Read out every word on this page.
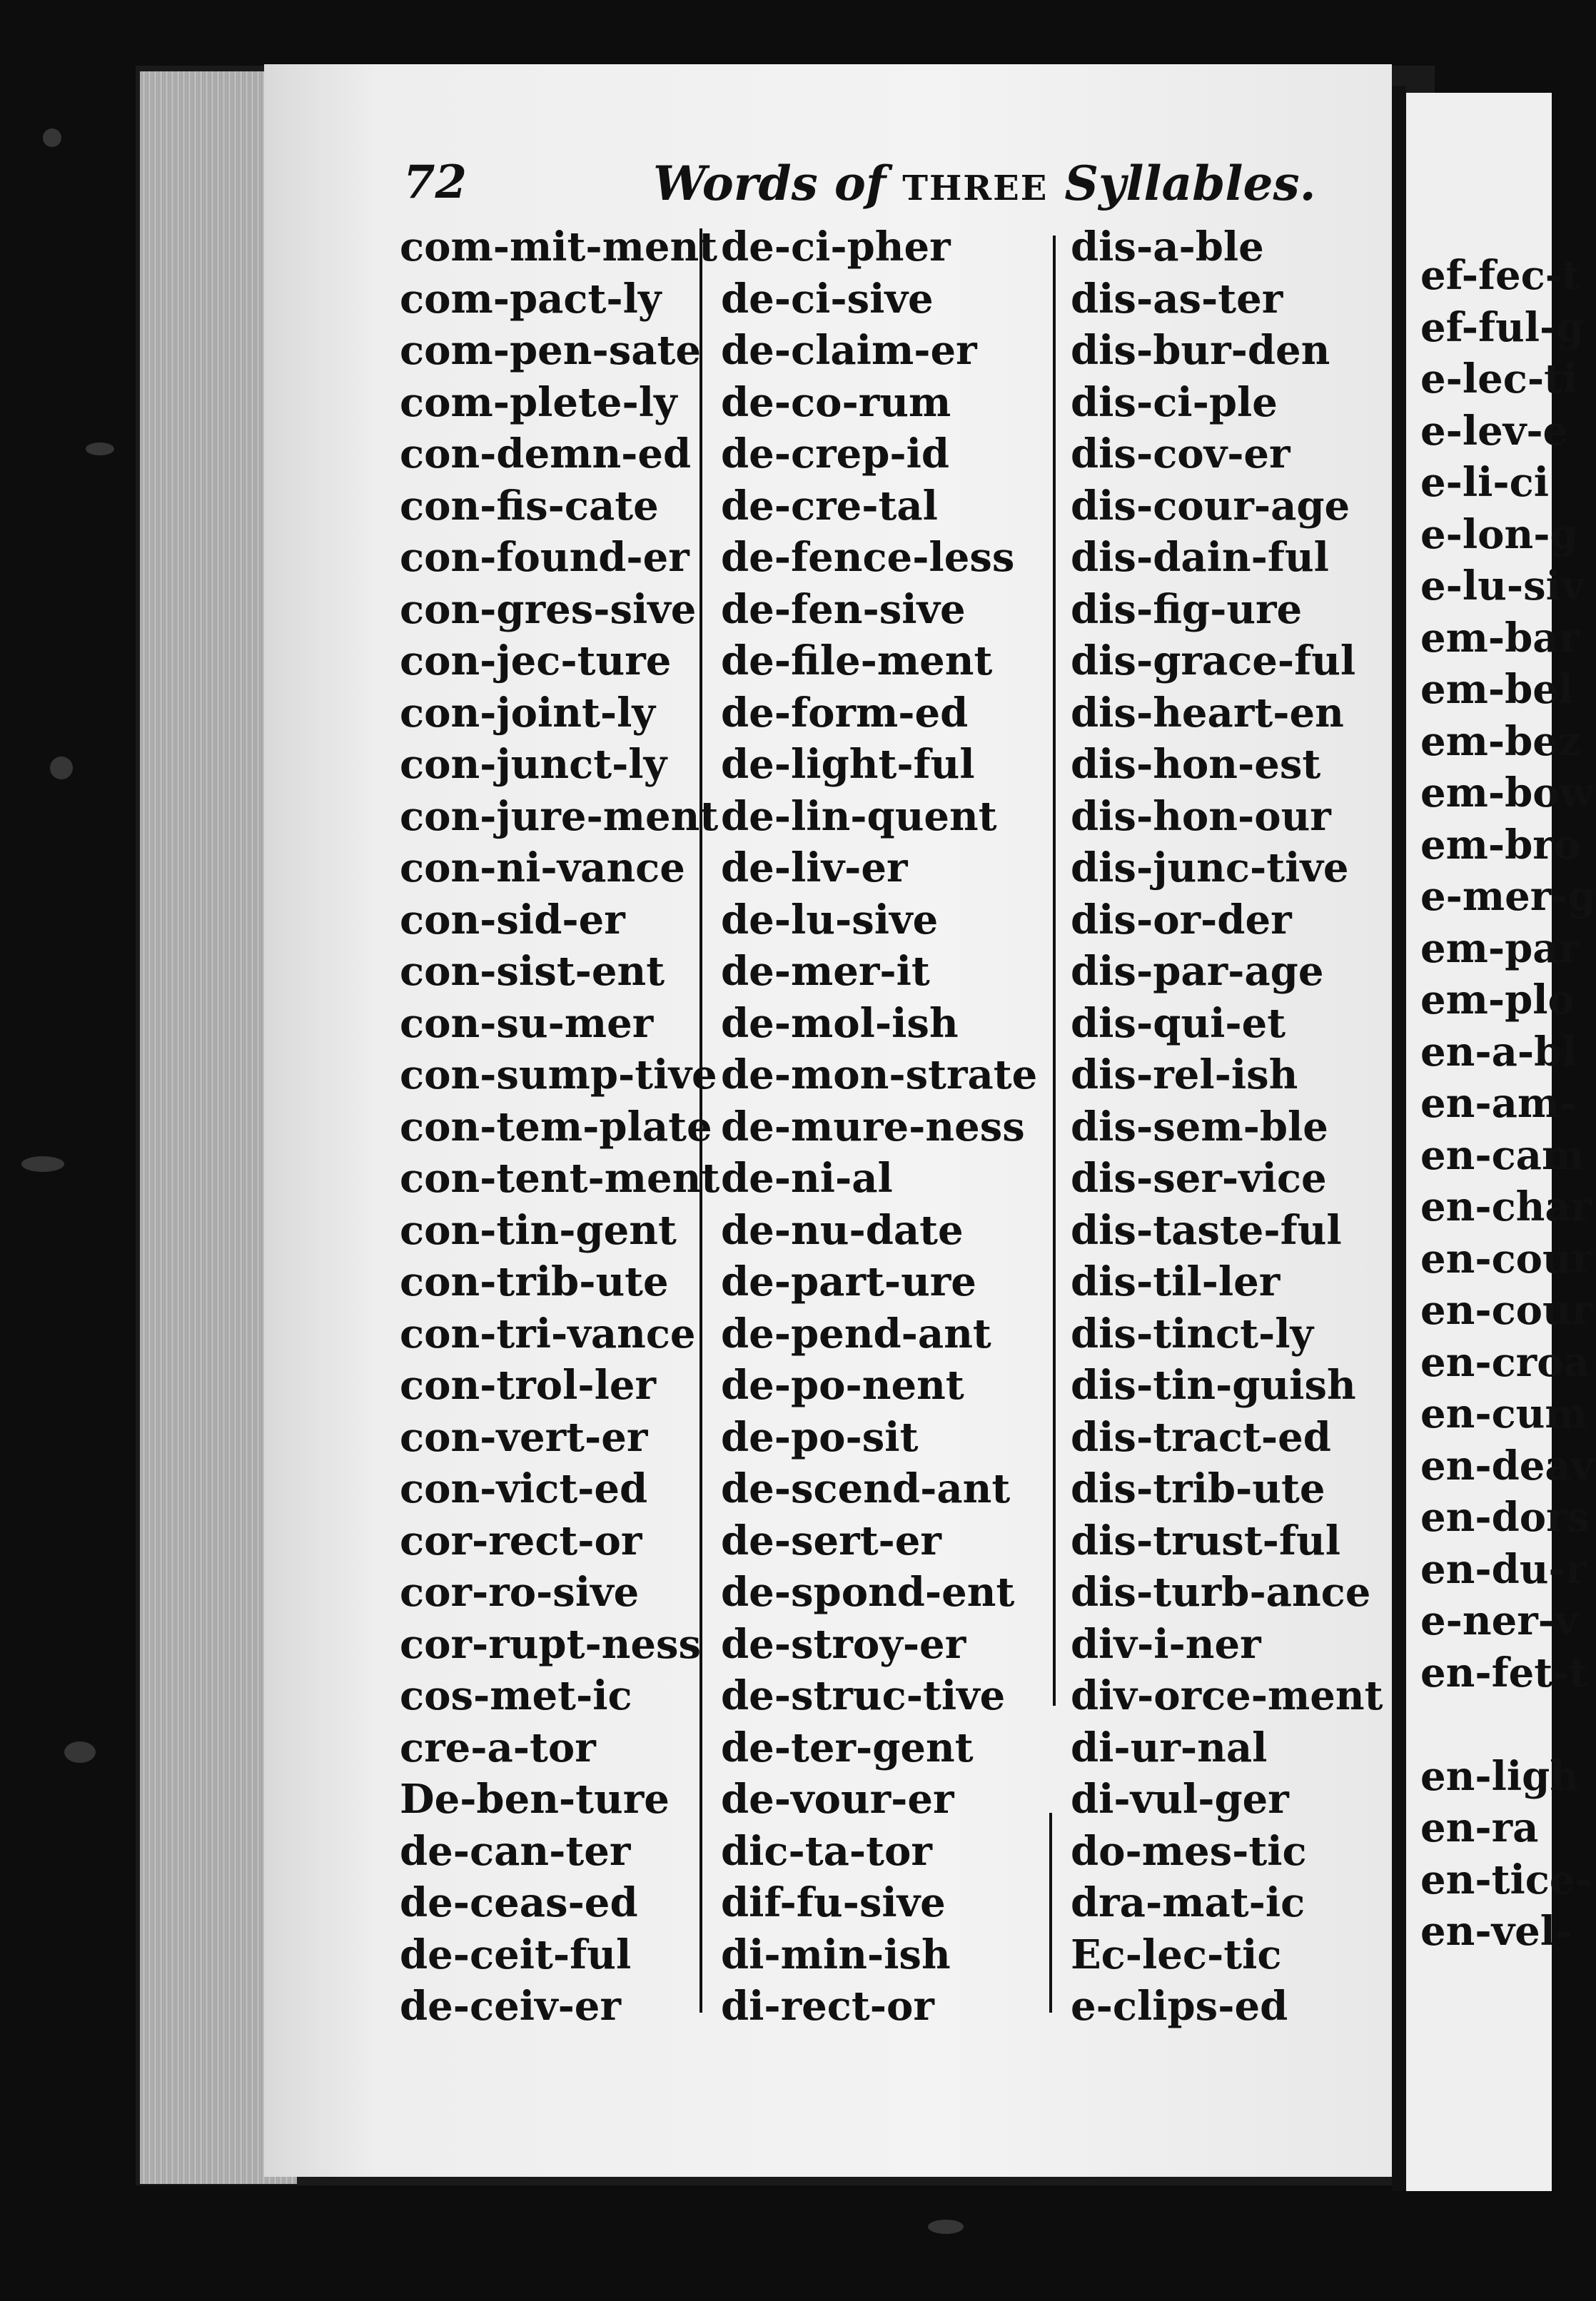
72	Words of THREE Syllables.
com-mit-ment
com-pact-ly
com-pen-sate
com-plete-ly
con-demn-ed
con-fis-cate
con-found-er
con-gres-sive
con-jec-ture
con-joint-ly
con-junct-ly
con-jure-ment
con-ni-vance
con-sid-er
con-sist-ent
con-su-mer
con-sump-tive
con-tem-plate
con-tent-ment
con-tin-gent
con-trib-ute
con-tri-vance
con-trol-ler
con-vert-er
con-vict-ed
cor-rect-or
cor-ro-sive
cor-rupt-ness
cos-met-ic
cre-a-tor
De-ben-ture
de-can-ter
de-ceas-ed
de-ceit-ful
de-ceiv-er
de-ci-pher
de-ci-sive
de-claim-er
de-co-rum
de-crep-id
de-cre-tal
de-fence-less
de-fen-sive
de-file-ment
de-form-ed
de-light-ful
de-lin-quent
de-liv-er
de-lu-sive
de-mer-it
de-mol-ish
de-mon-strate
de-mure-ness
de-ni-al
de-nu-date
de-part-ure
de-pend-ant
de-po-nent
de-po-sit
de-scend-ant
de-sert-er
de-spond-ent
de-stroy-er
de-struc-tive
de-ter-gent
de-vour-er
dic-ta-tor
dif-fu-sive
di-min-ish
di-rect-or
dis-a-ble
dis-as-ter
dis-bur-den
dis-ci-ple
dis-cov-er
dis-cour-age
dis-dain-ful
dis-fig-ure
dis-grace-ful
dis-heart-en
dis-hon-est
dis-hon-our
dis-junc-tive
dis-or-der
dis-par-age
dis-qui-et
dis-rel-ish
dis-sem-ble
dis-ser-vice
dis-taste-ful
dis-til-ler
dis-tinct-ly
dis-tin-guish
dis-tract-ed
dis-trib-ute
dis-trust-ful
dis-turb-ance
div-i-ner
div-orce-ment
di-ur-nal
di-vul-ger
do-mes-tic
dra-mat-ic
Ec-lec-tic
e-clips-ed
ef-fec-t
ef-ful-g
e-lec-ti
e-lev-e
e-li-ci
e-lon-g
e-lu-siv
em-bar
em-bel
em-bez
em-bow
em-bro
e-mer-g
em-par
em-plo
en-a-bl
en-am-
en-cam
en-char
en-cour
en-cour
en-croa
en-cum
en-deav
en-dors
en-du-r
e-ner-v
en-fet-t
en-ligh
en-ra
en-tice-
en-vel-
